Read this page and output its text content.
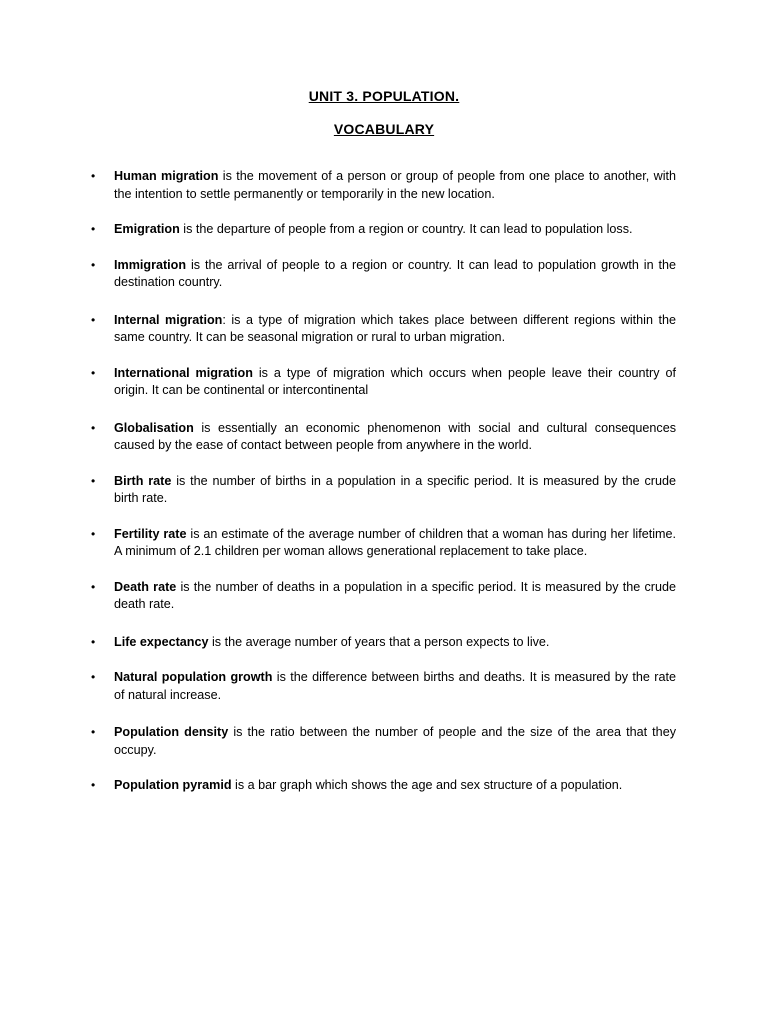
UNIT 3. POPULATION.
VOCABULARY
• Human migration is the movement of a person or group of people from one place to another, with the intention to settle permanently or temporarily in the new location.
• Emigration is the departure of people from a region or country. It can lead to population loss.
• Immigration is the arrival of people to a region or country. It can lead to population growth in the destination country.
• Internal migration: is a type of migration which takes place between different regions within the same country. It can be seasonal migration or rural to urban migration.
• International migration is a type of migration which occurs when people leave their country of origin. It can be continental or intercontinental
• Globalisation is essentially an economic phenomenon with social and cultural consequences caused by the ease of contact between people from anywhere in the world.
• Birth rate is the number of births in a population in a specific period. It is measured by the crude birth rate.
• Fertility rate is an estimate of the average number of children that a woman has during her lifetime. A minimum of 2.1 children per woman allows generational replacement to take place.
• Death rate is the number of deaths in a population in a specific period. It is measured by the crude death rate.
• Life expectancy is the average number of years that a person expects to live.
• Natural population growth is the difference between births and deaths. It is measured by the rate of natural increase.
• Population density is the ratio between the number of people and the size of the area that they occupy.
• Population pyramid is a bar graph which shows the age and sex structure of a population.
